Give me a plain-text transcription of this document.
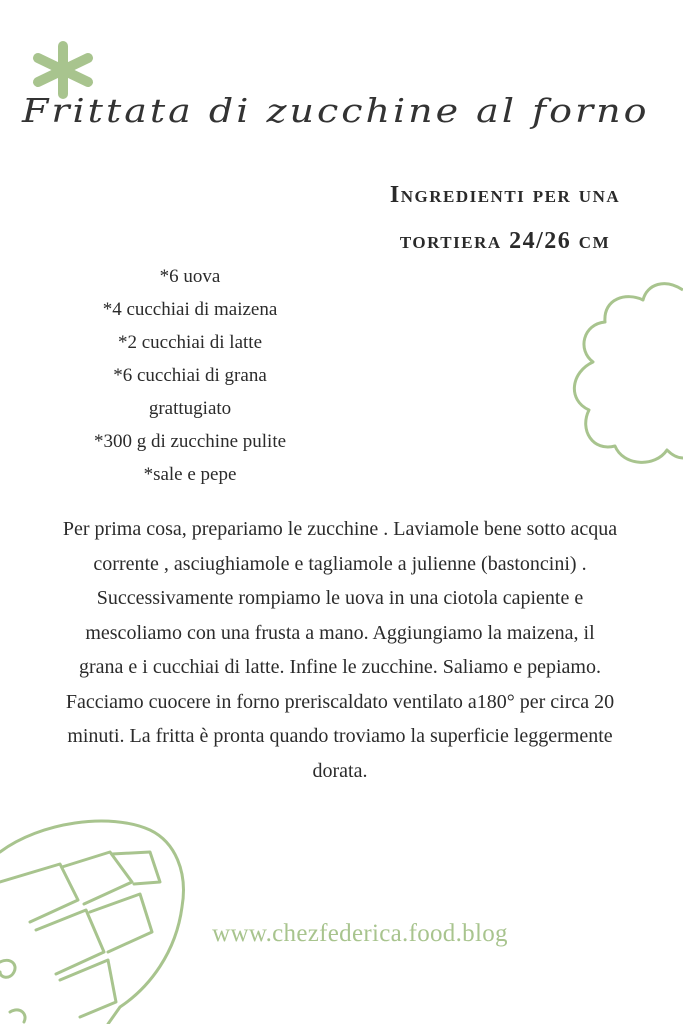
Frittata di zucchine al forno
Ingredienti per una
tortiera 24/26 cm
*6 uova
*4 cucchiai di maizena
*2 cucchiai di latte
*6 cucchiai di grana
grattugiato
*300 g di zucchine pulite
*sale e pepe

Per prima cosa, prepariamo le zucchine . Laviamole bene sotto acqua corrente , asciughiamole e tagliamole a julienne (bastoncini) . Successivamente rompiamo le uova in una ciotola capiente e mescoliamo con una frusta a mano. Aggiungiamo la maizena, il grana e i cucchiai di latte. Infine le zucchine. Saliamo e pepiamo. Facciamo cuocere in forno preriscaldato ventilato a180° per circa 20 minuti. La fritta è pronta quando troviamo la superficie leggermente dorata.

www.chezfederica.food.blog
